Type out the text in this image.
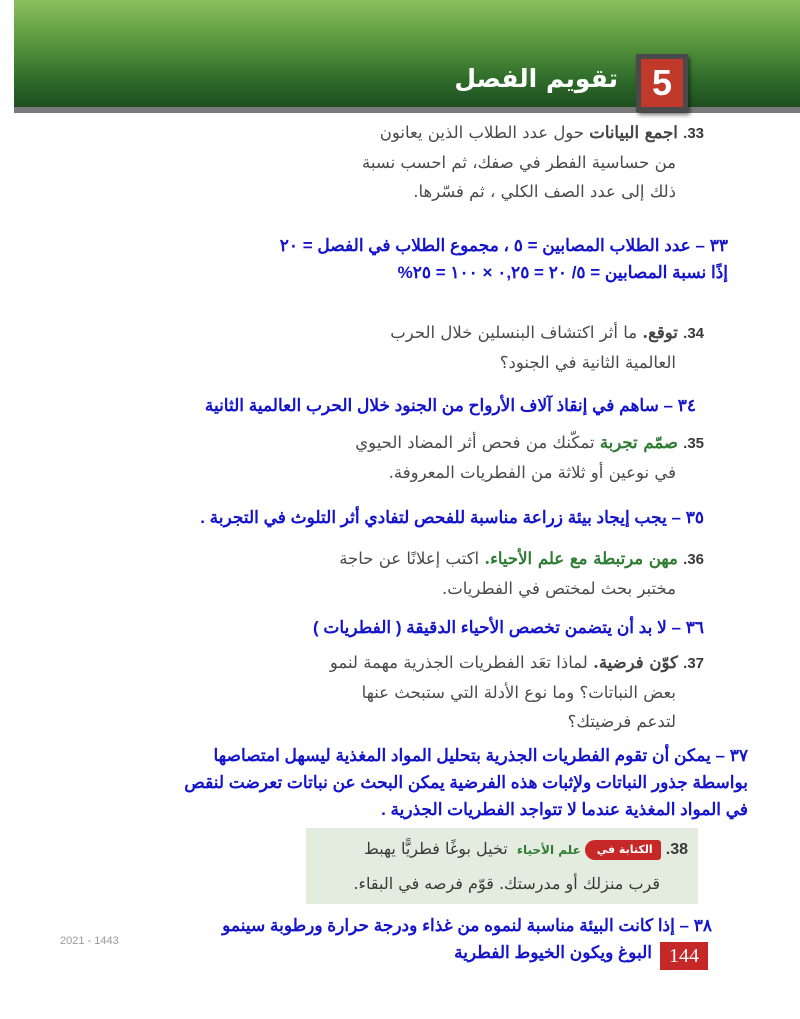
تقويم الفصل 5
33. اجمع البيانات حول عدد الطلاب الذين يعانون
من حساسية الفطر في صفك، ثم احسب نسبة
ذلك إلى عدد الصف الكلي ، ثم فسّرها.
٣٣ – عدد الطلاب المصابين = ٥ ، مجموع الطلاب في الفصل = ٢٠
إذًا نسبة المصابين = ٥/ ٢٠ = ٠,٢٥ × ١٠٠ = ٢٥%
34. توقع. ما أثر اكتشاف البنسلين خلال الحرب
العالمية الثانية في الجنود؟
٣٤ – ساهم في إنقاذ آلاف الأرواح من الجنود خلال الحرب العالمية الثانية
35. صمّم تجربة تمكّنك من فحص أثر المضاد الحيوي
في نوعين أو ثلاثة من الفطريات المعروفة.
٣٥ – يجب إيجاد بيئة زراعة مناسبة للفحص لتفادي أثر التلوث في التجربة .
36. مهن مرتبطة مع علم الأحياء. اكتب إعلانًا عن حاجة
مختبر بحث لمختص في الفطريات.
٣٦ – لا بد أن يتضمن تخصص الأحياء الدقيقة ( الفطريات )
37. كوّن فرضية. لماذا تعَد الفطريات الجذرية مهمة لنمو
بعض النباتات؟ وما نوع الأدلة التي ستبحث عنها
لتدعم فرضيتك؟
٣٧ – يمكن أن تقوم الفطريات الجذرية بتحليل المواد المغذية ليسهل امتصاصها
بواسطة جذور النباتات ولإثبات هذه الفرضية يمكن البحث عن نباتات تعرضت لنقص
في المواد المغذية عندما لا تتواجد الفطريات الجذرية .
38. الكتابة فيعلم الأحياء تخيل بوغًا فطريًّا يهبط
قرب منزلك أو مدرستك. قوّم فرصه في البقاء.
٣٨ – إذا كانت البيئة مناسبة لنموه من غذاء ودرجة حرارة ورطوبة سينمو
البوغ ويكون الخيوط الفطرية
2021 - 1443
144
